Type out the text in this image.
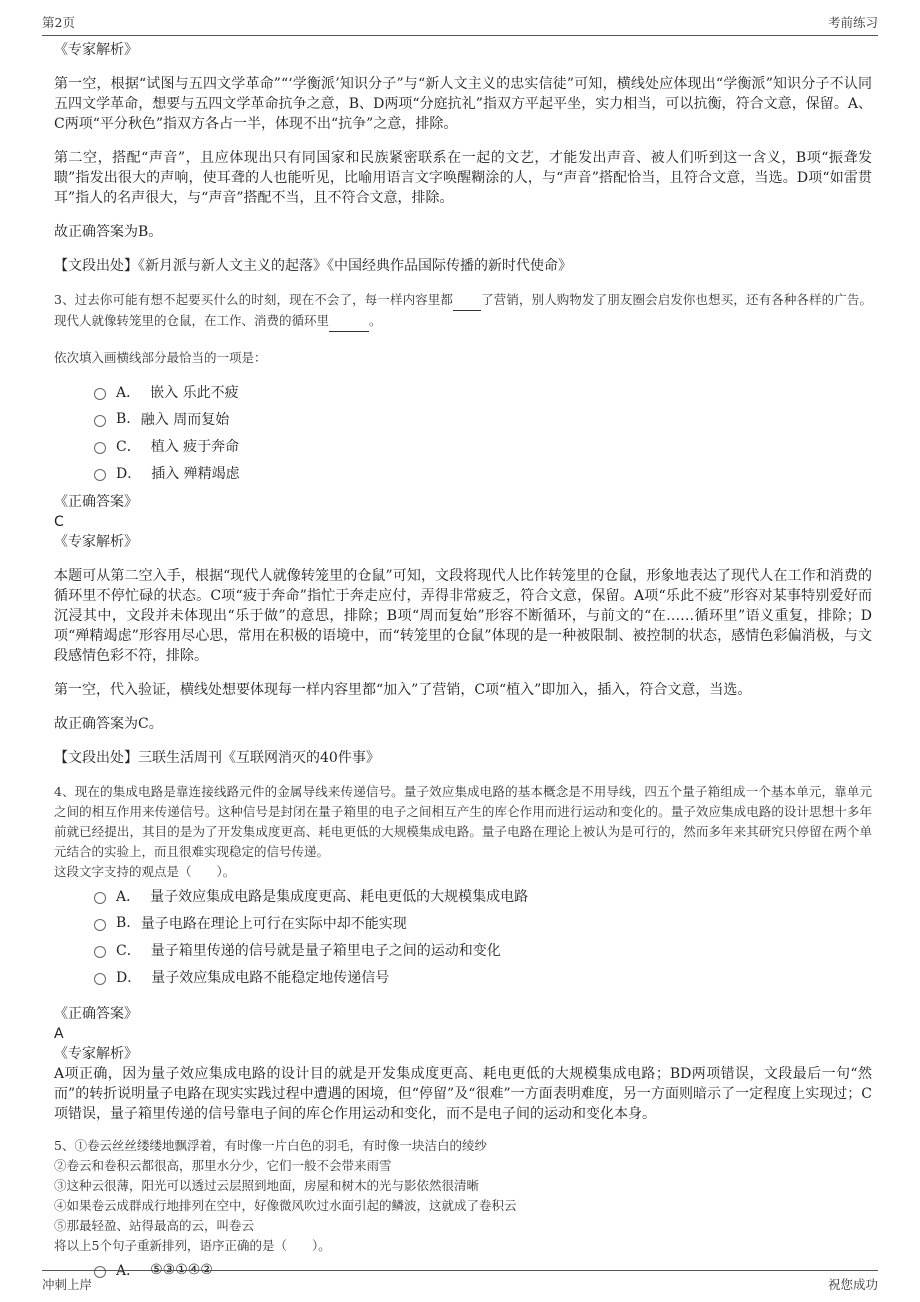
第2页	考前练习

《专家解析》

第一空，根据“试图与五四文学革命”“‘学衡派’知识分子”与“新人文主义的忠实信徒”可知，横线处应体现出“学衡派”知识分子不认同五四文学革命，想要与五四文学革命抗争之意，B、D两项“分庭抗礼”指双方平起平坐，实力相当，可以抗衡，符合文意，保留。A、C两项“平分秋色”指双方各占一半，体现不出“抗争”之意，排除。

第二空，搭配“声音”，且应体现出只有同国家和民族紧密联系在一起的文艺，才能发出声音、被人们听到这一含义，B项“振聋发聩”指发出很大的声响，使耳聋的人也能听见，比喻用语言文字唤醒糊涂的人，与“声音”搭配恰当，且符合文意，当选。D项“如雷贯耳”指人的名声很大，与“声音”搭配不当，且不符合文意，排除。

故正确答案为B。

【文段出处】《新月派与新人文主义的起落》《中国经典作品国际传播的新时代使命》

3、过去你可能有想不起要买什么的时刻，现在不会了，每一样内容里都 了营销，别人购物发了朋友圈会启发你也想买，还有各种各样的广告。现代人就像转笼里的仓鼠，在工作、消费的循环里	。

依次填入画横线部分最恰当的一项是：

A． 嵌入 乐此不疲
B. 融入 周而复始
C． 植入 疲于奔命
D． 插入 殚精竭虑

《正确答案》

C

《专家解析》

本题可从第二空入手，根据“现代人就像转笼里的仓鼠”可知，文段将现代人比作转笼里的仓鼠，形象地表达了现代人在工作和消费的循环里不停忙碌的状态。C项“疲于奔命”指忙于奔走应付，弄得非常疲乏，符合文意，保留。A项“乐此不疲”形容对某事特别爱好而沉浸其中，文段并未体现出“乐于做”的意思，排除；B项“周而复始”形容不断循环，与前文的“在……循环里”语义重复，排除；D项“殚精竭虑”形容用尽心思，常用在积极的语境中，而“转笼里的仓鼠”体现的是一种被限制、被控制的状态，感情色彩偏消极，与文段感情色彩不符，排除。

第一空，代入验证，横线处想要体现每一样内容里都“加入”了营销，C项“植入”即加入，插入，符合文意，当选。

故正确答案为C。

【文段出处】三联生活周刊《互联网消灭的40件事》

4、现在的集成电路是靠连接线路元件的金属导线来传递信号。量子效应集成电路的基本概念是不用导线，四五个量子箱组成一个基本单元，靠单元之间的相互作用来传递信号。这种信号是封闭在量子箱里的电子之间相互产生的库仑作用而进行运动和变化的。量子效应集成电路的设计思想十多年前就已经提出，其目的是为了开发集成度更高、耗电更低的大规模集成电路。量子电路在理论上被认为是可行的，然而多年来其研究只停留在两个单元结合的实验上，而且很难实现稳定的信号传递。

这段文字支持的观点是（　　）。

A． 量子效应集成电路是集成度更高、耗电更低的大规模集成电路
B. 量子电路在理论上可行在实际中却不能实现
C． 量子箱里传递的信号就是量子箱里电子之间的运动和变化
D． 量子效应集成电路不能稳定地传递信号

《正确答案》

A

《专家解析》

A项正确，因为量子效应集成电路的设计目的就是开发集成度更高、耗电更低的大规模集成电路；BD两项错误，文段最后一句“然而”的转折说明量子电路在现实实践过程中遭遇的困境，但“停留”及“很难”一方面表明难度，另一方面则暗示了一定程度上实现过；C项错误，量子箱里传递的信号靠电子间的库仑作用运动和变化，而不是电子间的运动和变化本身。

5、①卷云丝丝缕缕地飘浮着，有时像一片白色的羽毛，有时像一块洁白的绫纱

②卷云和卷积云都很高，那里水分少，它们一般不会带来雨雪

③这种云很薄，阳光可以透过云层照到地面，房屋和树木的光与影依然很清晰

④如果卷云成群成行地排列在空中，好像微风吹过水面引起的鳞波，这就成了卷积云

⑤那最轻盈、站得最高的云，叫卷云

将以上5个句子重新排列，语序正确的是（　　）。

A． ⑤③①④②
冲刺上岸	祝您成功
